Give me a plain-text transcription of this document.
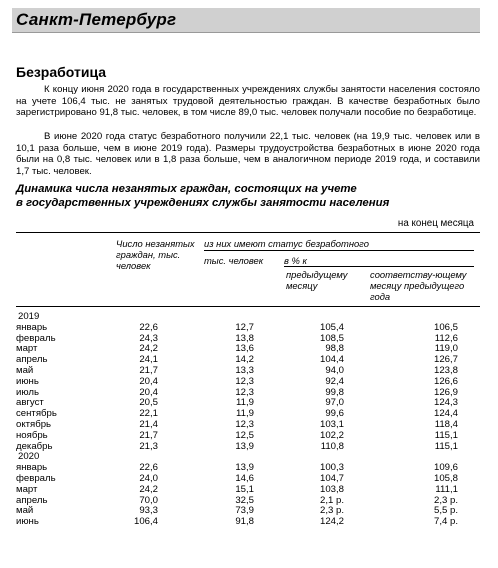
Санкт-Петербург
Безработица
К концу июня 2020 года в государственных учреждениях службы занятости населения состояло на учете 106,4 тыс. не занятых трудовой деятельностью граждан. В качестве безработных было зарегистрировано 91,8 тыс. человек, в том числе 89,0 тыс. человек получали пособие по безработице.
В июне 2020 года статус безработного получили 22,1 тыс. человек (на 19,9 тыс. человек или в 10,1 раза больше, чем в июне 2019 года). Размеры трудоустройства безработных в июне 2020 года были на 0,8 тыс. человек или в 1,8 раза больше, чем в аналогичном периоде 2019 года, и составили 1,7 тыс. человек.
Динамика числа незанятых граждан, состоящих на учете
в государственных учреждениях службы занятости населения
на конец месяца
Число незанятых граждан, тыс. человек
из них имеют статус безработного
тыс. человек	в % к
предыдущему месяцу
соответству-ющему месяцу предыдущего года
2019
январь	22,6	12,7	105,4	106,5
февраль	24,3	13,8	108,5	112,6
март	24,2	13,6	98,8	119,0
апрель	24,1	14,2	104,4	126,7
май	21,7	13,3	94,0	123,8
июнь	20,4	12,3	92,4	126,6
июль	20,4	12,3	99,8	126,9
август	20,5	11,9	97,0	124,3
сентябрь	22,1	11,9	99,6	124,4
октябрь	21,4	12,3	103,1	118,4
ноябрь	21,7	12,5	102,2	115,1
декабрь	21,3	13,9	110,8	115,1
2020
январь	22,6	13,9	100,3	109,6
февраль	24,0	14,6	104,7	105,8
март	24,2	15,1	103,8	111,1
апрель	70,0	32,5	2,1 р.	2,3 р.
май	93,3	73,9	2,3 р.	5,5 р.
июнь	106,4	91,8	124,2	7,4 р.
